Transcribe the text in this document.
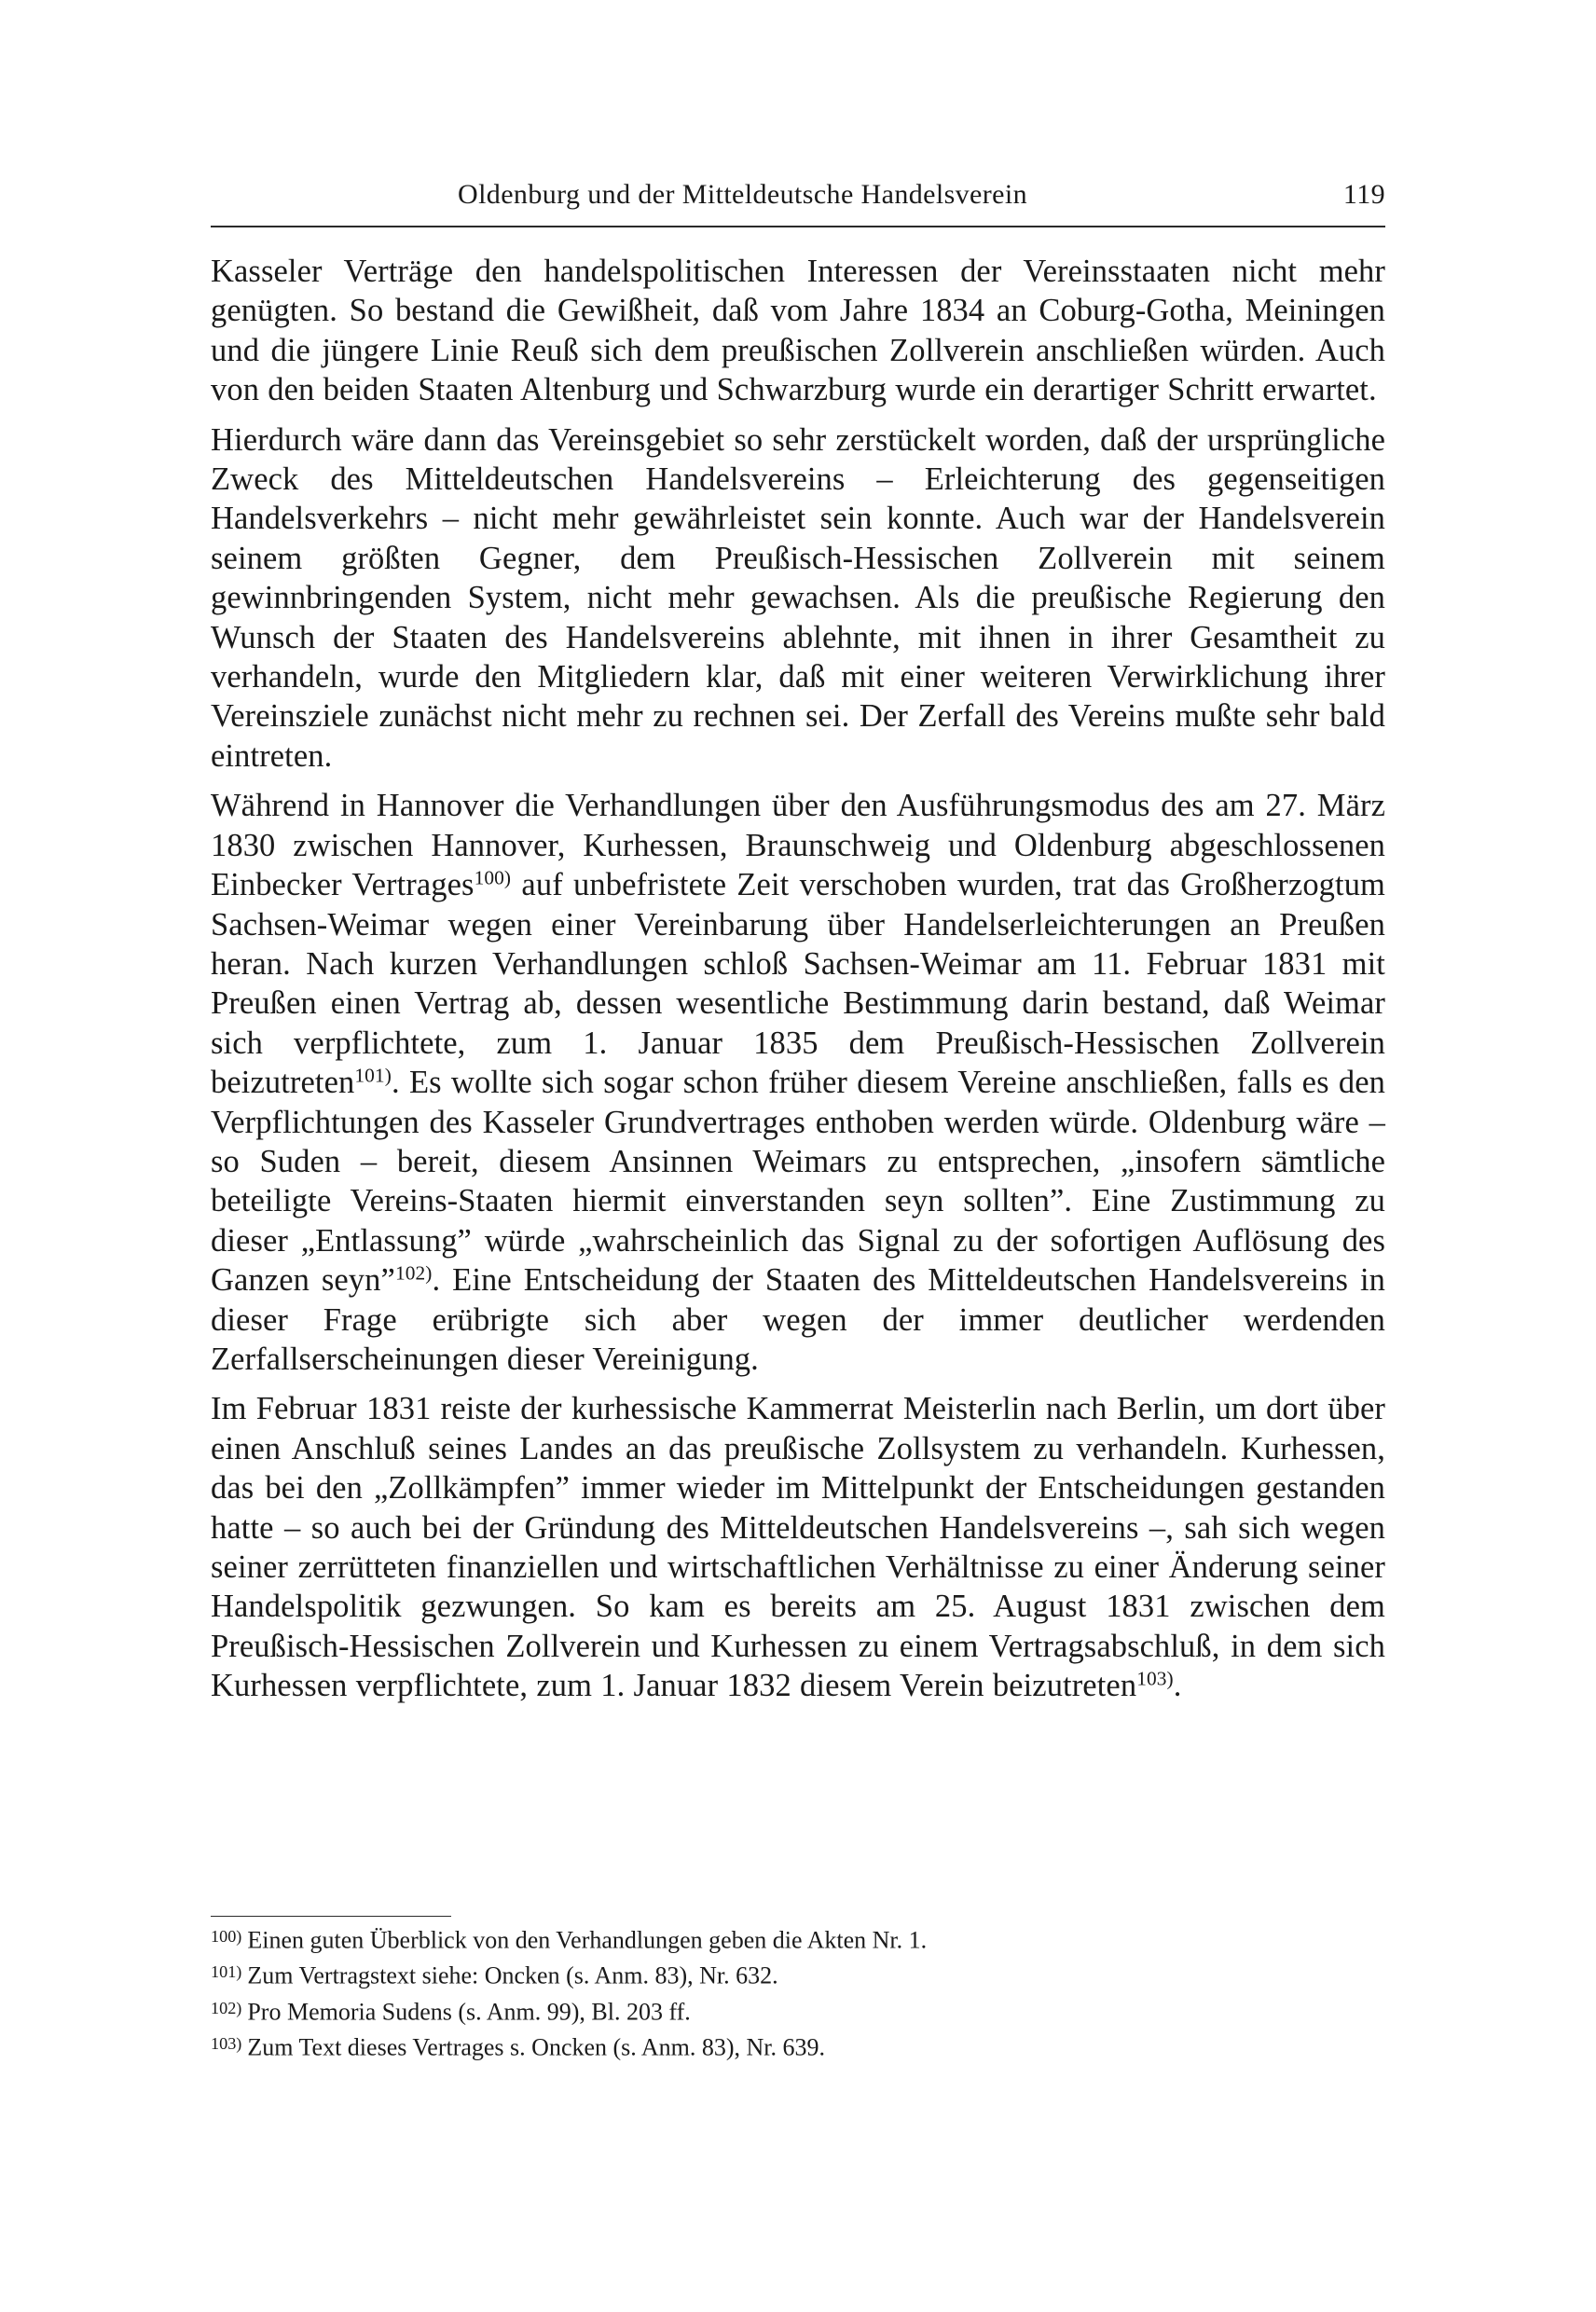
Oldenburg und der Mitteldeutsche Handelsverein	119

Kasseler Verträge den handelspolitischen Interessen der Vereinsstaaten nicht mehr genügten. So bestand die Gewißheit, daß vom Jahre 1834 an Coburg-Gotha, Meiningen und die jüngere Linie Reuß sich dem preußischen Zollverein anschließen würden. Auch von den beiden Staaten Altenburg und Schwarzburg wurde ein derartiger Schritt erwartet.

Hierdurch wäre dann das Vereinsgebiet so sehr zerstückelt worden, daß der ursprüngliche Zweck des Mitteldeutschen Handelsvereins – Erleichterung des gegenseitigen Handelsverkehrs – nicht mehr gewährleistet sein konnte. Auch war der Handelsverein seinem größten Gegner, dem Preußisch-Hessischen Zollverein mit seinem gewinnbringenden System, nicht mehr gewachsen. Als die preußische Regierung den Wunsch der Staaten des Handelsvereins ablehnte, mit ihnen in ihrer Gesamtheit zu verhandeln, wurde den Mitgliedern klar, daß mit einer weiteren Verwirklichung ihrer Vereinsziele zunächst nicht mehr zu rechnen sei. Der Zerfall des Vereins mußte sehr bald eintreten.

Während in Hannover die Verhandlungen über den Ausführungsmodus des am 27. März 1830 zwischen Hannover, Kurhessen, Braunschweig und Oldenburg abgeschlossenen Einbecker Vertrages$^{100)}$ auf unbefristete Zeit verschoben wurden, trat das Großherzogtum Sachsen-Weimar wegen einer Vereinbarung über Handelserleichterungen an Preußen heran. Nach kurzen Verhandlungen schloß Sachsen-Weimar am 11. Februar 1831 mit Preußen einen Vertrag ab, dessen wesentliche Bestimmung darin bestand, daß Weimar sich verpflichtete, zum 1. Januar 1835 dem Preußisch-Hessischen Zollverein beizutreten$^{101)}$. Es wollte sich sogar schon früher diesem Vereine anschließen, falls es den Verpflichtungen des Kasseler Grundvertrages enthoben werden würde. Oldenburg wäre – so Suden – bereit, diesem Ansinnen Weimars zu entsprechen, „insofern sämtliche beteiligte Vereins-Staaten hiermit einverstanden seyn sollten”. Eine Zustimmung zu dieser „Entlassung” würde „wahrscheinlich das Signal zu der sofortigen Auflösung des Ganzen seyn”$^{102)}$. Eine Entscheidung der Staaten des Mitteldeutschen Handelsvereins in dieser Frage erübrigte sich aber wegen der immer deutlicher werdenden Zerfallserscheinungen dieser Vereinigung.

Im Februar 1831 reiste der kurhessische Kammerrat Meisterlin nach Berlin, um dort über einen Anschluß seines Landes an das preußische Zollsystem zu verhandeln. Kurhessen, das bei den „Zollkämpfen” immer wieder im Mittelpunkt der Entscheidungen gestanden hatte – so auch bei der Gründung des Mitteldeutschen Handelsvereins –, sah sich wegen seiner zerrütteten finanziellen und wirtschaftlichen Verhältnisse zu einer Änderung seiner Handelspolitik gezwungen. So kam es bereits am 25. August 1831 zwischen dem Preußisch-Hessischen Zollverein und Kurhessen zu einem Vertragsabschluß, in dem sich Kurhessen verpflichtete, zum 1. Januar 1832 diesem Verein beizutreten$^{103)}$.

$^{100)}$ Einen guten Überblick von den Verhandlungen geben die Akten Nr. 1.
$^{101)}$ Zum Vertragstext siehe: Oncken (s. Anm. 83), Nr. 632.
$^{102)}$ Pro Memoria Sudens (s. Anm. 99), Bl. 203 ff.
$^{103)}$ Zum Text dieses Vertrages s. Oncken (s. Anm. 83), Nr. 639.
